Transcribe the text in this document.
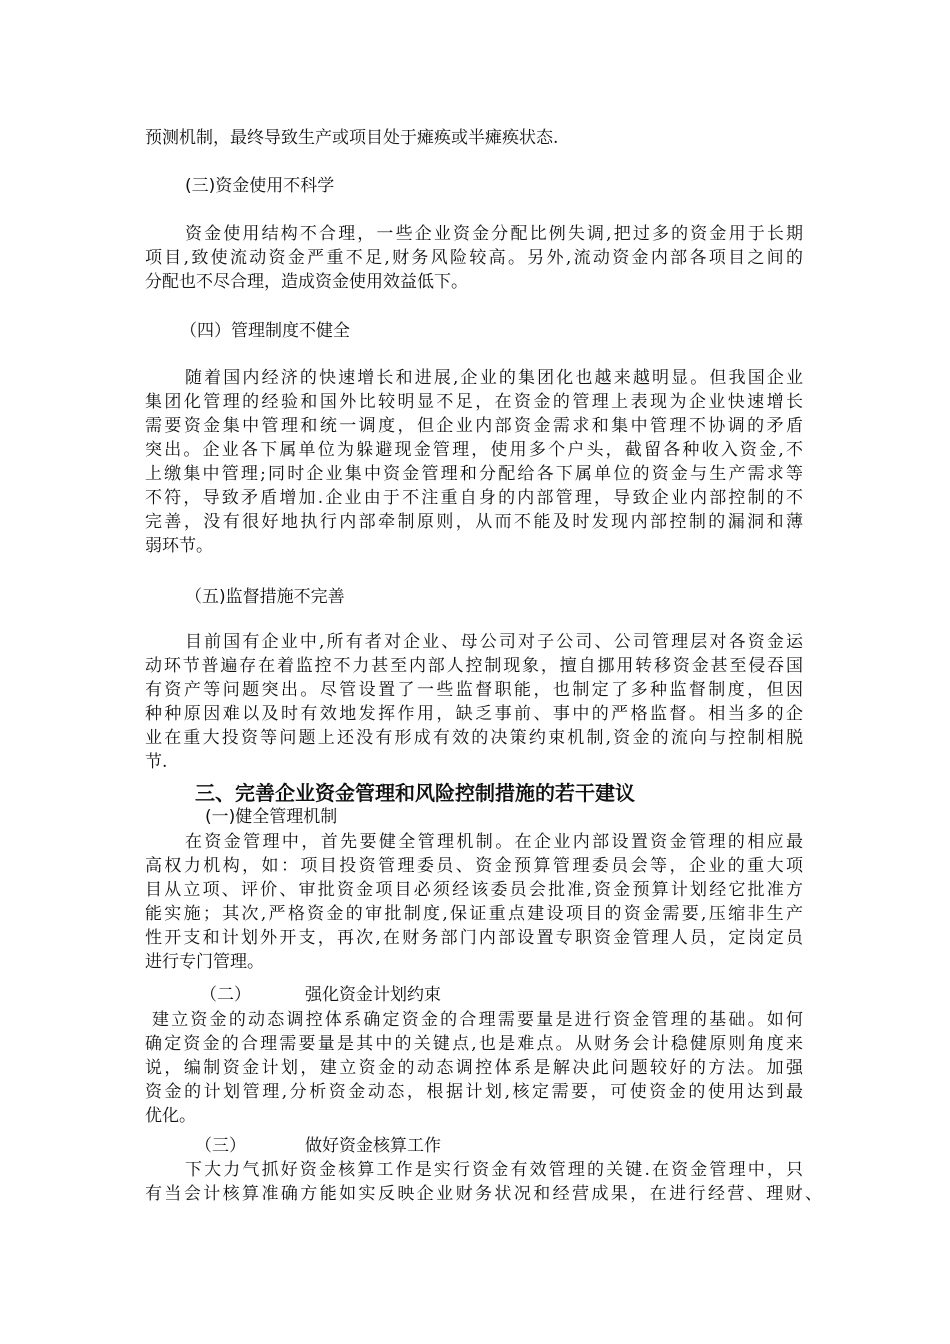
预测机制，最终导致生产或项目处于瘫痪或半瘫痪状态.
(三)资金使用不科学
资金使用结构不合理，一些企业资金分配比例失调,把过多的资金用于长期
项目,致使流动资金严重不足,财务风险较高。另外,流动资金内部各项目之间的
分配也不尽合理，造成资金使用效益低下。
（四）管理制度不健全
随着国内经济的快速增长和进展,企业的集团化也越来越明显。但我国企业
集团化管理的经验和国外比较明显不足，在资金的管理上表现为企业快速增长
需要资金集中管理和统一调度，但企业内部资金需求和集中管理不协调的矛盾
突出。企业各下属单位为躲避现金管理，使用多个户头，截留各种收入资金,不
上缴集中管理;同时企业集中资金管理和分配给各下属单位的资金与生产需求等
不符，导致矛盾增加.企业由于不注重自身的内部管理，导致企业内部控制的不
完善，没有很好地执行内部牵制原则，从而不能及时发现内部控制的漏洞和薄
弱环节。
（五)监督措施不完善
目前国有企业中,所有者对企业、母公司对子公司、公司管理层对各资金运
动环节普遍存在着监控不力甚至内部人控制现象，擅自挪用转移资金甚至侵吞国
有资产等问题突出。尽管设置了一些监督职能，也制定了多种监督制度，但因
种种原因难以及时有效地发挥作用，缺乏事前、事中的严格监督。相当多的企
业在重大投资等问题上还没有形成有效的决策约束机制,资金的流向与控制相脱
节.
三、完善企业资金管理和风险控制措施的若干建议
(一)健全管理机制
在资金管理中，首先要健全管理机制。在企业内部设置资金管理的相应最
高权力机构，如：项目投资管理委员、资金预算管理委员会等，企业的重大项
目从立项、评价、审批资金项目必须经该委员会批准,资金预算计划经它批准方
能实施；其次,严格资金的审批制度,保证重点建设项目的资金需要,压缩非生产
性开支和计划外开支，再次,在财务部门内部设置专职资金管理人员，定岗定员
进行专门管理。
（二）	强化资金计划约束
建立资金的动态调控体系确定资金的合理需要量是进行资金管理的基础。如何
确定资金的合理需要量是其中的关键点,也是难点。从财务会计稳健原则角度来
说，编制资金计划，建立资金的动态调控体系是解决此问题较好的方法。加强
资金的计划管理,分析资金动态，根据计划,核定需要，可使资金的使用达到最
优化。
（三）	做好资金核算工作
下大力气抓好资金核算工作是实行资金有效管理的关键.在资金管理中，只
有当会计核算准确方能如实反映企业财务状况和经营成果，在进行经营、理财、
